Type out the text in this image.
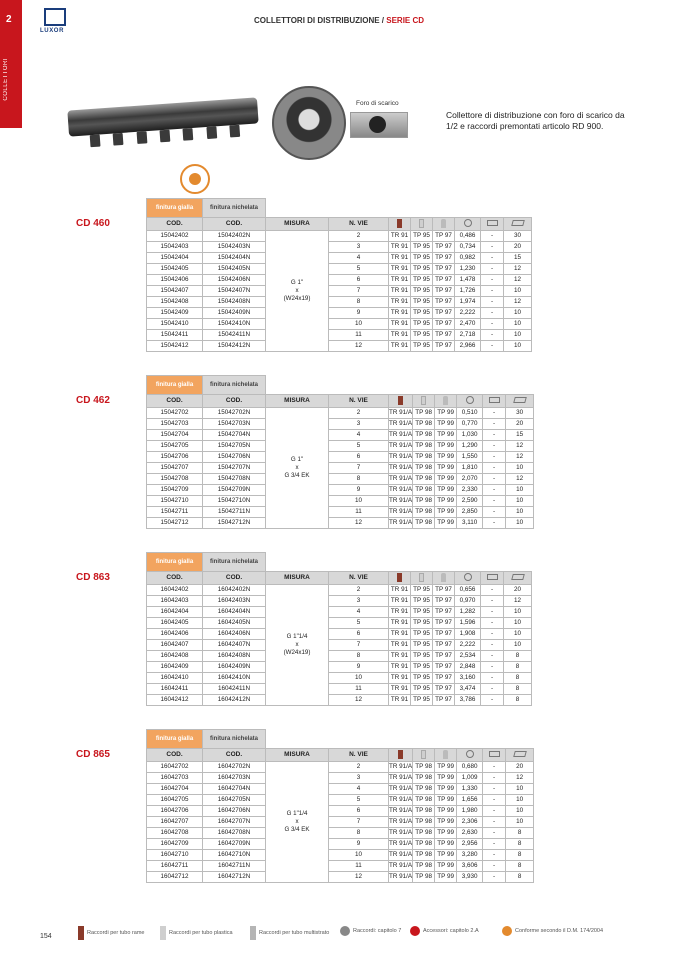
2
COLLETTORI
LUXOR
COLLETTORI DI DISTRIBUZIONE / SERIE CD
Foro di scarico
Collettore di distribuzione con foro di scarico da 1/2 e raccordi premontati articolo RD 900.
CD 460
finitura gialla	finitura nichelata								
COD.	COD.	MISURA	N. VIE						
15042402	15042402N	G 1"
x
(W24x19)	2	TR 91	TP 95	TP 97	0,486	-	30
15042403	15042403N		3	TR 91	TP 95	TP 97	0,734	-	20
15042404	15042404N		4	TR 91	TP 95	TP 97	0,982	-	15
15042405	15042405N		5	TR 91	TP 95	TP 97	1,230	-	12
15042406	15042406N		6	TR 91	TP 95	TP 97	1,478	-	12
15042407	15042407N		7	TR 91	TP 95	TP 97	1,726	-	10
15042408	15042408N		8	TR 91	TP 95	TP 97	1,974	-	12
15042409	15042409N		9	TR 91	TP 95	TP 97	2,222	-	10
15042410	15042410N		10	TR 91	TP 95	TP 97	2,470	-	10
15042411	15042411N		11	TR 91	TP 95	TP 97	2,718	-	10
15042412	15042412N		12	TR 91	TP 95	TP 97	2,966	-	10
CD 462
finitura gialla	finitura nichelata								
COD.	COD.	MISURA	N. VIE						
15042702	15042702N	G 1"
x
G 3/4 EK	2	TR 91/A	TP 98	TP 99	0,510	-	30
15042703	15042703N		3	TR 91/A	TP 98	TP 99	0,770	-	20
15042704	15042704N		4	TR 91/A	TP 98	TP 99	1,030	-	15
15042705	15042705N		5	TR 91/A	TP 98	TP 99	1,290	-	12
15042706	15042706N		6	TR 91/A	TP 98	TP 99	1,550	-	12
15042707	15042707N		7	TR 91/A	TP 98	TP 99	1,810	-	10
15042708	15042708N		8	TR 91/A	TP 98	TP 99	2,070	-	12
15042709	15042709N		9	TR 91/A	TP 98	TP 99	2,330	-	10
15042710	15042710N		10	TR 91/A	TP 98	TP 99	2,590	-	10
15042711	15042711N		11	TR 91/A	TP 98	TP 99	2,850	-	10
15042712	15042712N		12	TR 91/A	TP 98	TP 99	3,110	-	10
CD 863
finitura gialla	finitura nichelata								
COD.	COD.	MISURA	N. VIE						
16042402	16042402N	G 1"1/4
x
(W24x19)	2	TR 91	TP 95	TP 97	0,656	-	20
16042403	16042403N		3	TR 91	TP 95	TP 97	0,970	-	12
16042404	16042404N		4	TR 91	TP 95	TP 97	1,282	-	10
16042405	16042405N		5	TR 91	TP 95	TP 97	1,596	-	10
16042406	16042406N		6	TR 91	TP 95	TP 97	1,908	-	10
16042407	16042407N		7	TR 91	TP 95	TP 97	2,222	-	10
16042408	16042408N		8	TR 91	TP 95	TP 97	2,534	-	8
16042409	16042409N		9	TR 91	TP 95	TP 97	2,848	-	8
16042410	16042410N		10	TR 91	TP 95	TP 97	3,160	-	8
16042411	16042411N		11	TR 91	TP 95	TP 97	3,474	-	8
16042412	16042412N		12	TR 91	TP 95	TP 97	3,786	-	8
CD 865
finitura gialla	finitura nichelata								
COD.	COD.	MISURA	N. VIE						
16042702	16042702N	G 1"1/4
x
G 3/4 EK	2	TR 91/A	TP 98	TP 99	0,680	-	20
16042703	16042703N		3	TR 91/A	TP 98	TP 99	1,009	-	12
16042704	16042704N		4	TR 91/A	TP 98	TP 99	1,330	-	10
16042705	16042705N		5	TR 91/A	TP 98	TP 99	1,656	-	10
16042706	16042706N		6	TR 91/A	TP 98	TP 99	1,980	-	10
16042707	16042707N		7	TR 91/A	TP 98	TP 99	2,306	-	10
16042708	16042708N		8	TR 91/A	TP 98	TP 99	2,630	-	8
16042709	16042709N		9	TR 91/A	TP 98	TP 99	2,956	-	8
16042710	16042710N		10	TR 91/A	TP 98	TP 99	3,280	-	8
16042711	16042711N		11	TR 91/A	TP 98	TP 99	3,606	-	8
16042712	16042712N		12	TR 91/A	TP 98	TP 99	3,930	-	8
154	Raccordi per tubo rame	Raccordi per tubo plastica	Raccordi per tubo multistrato	Raccordi: capitolo 7	Accessori: capitolo 2.A	Conforme secondo il D.M. 174/2004
